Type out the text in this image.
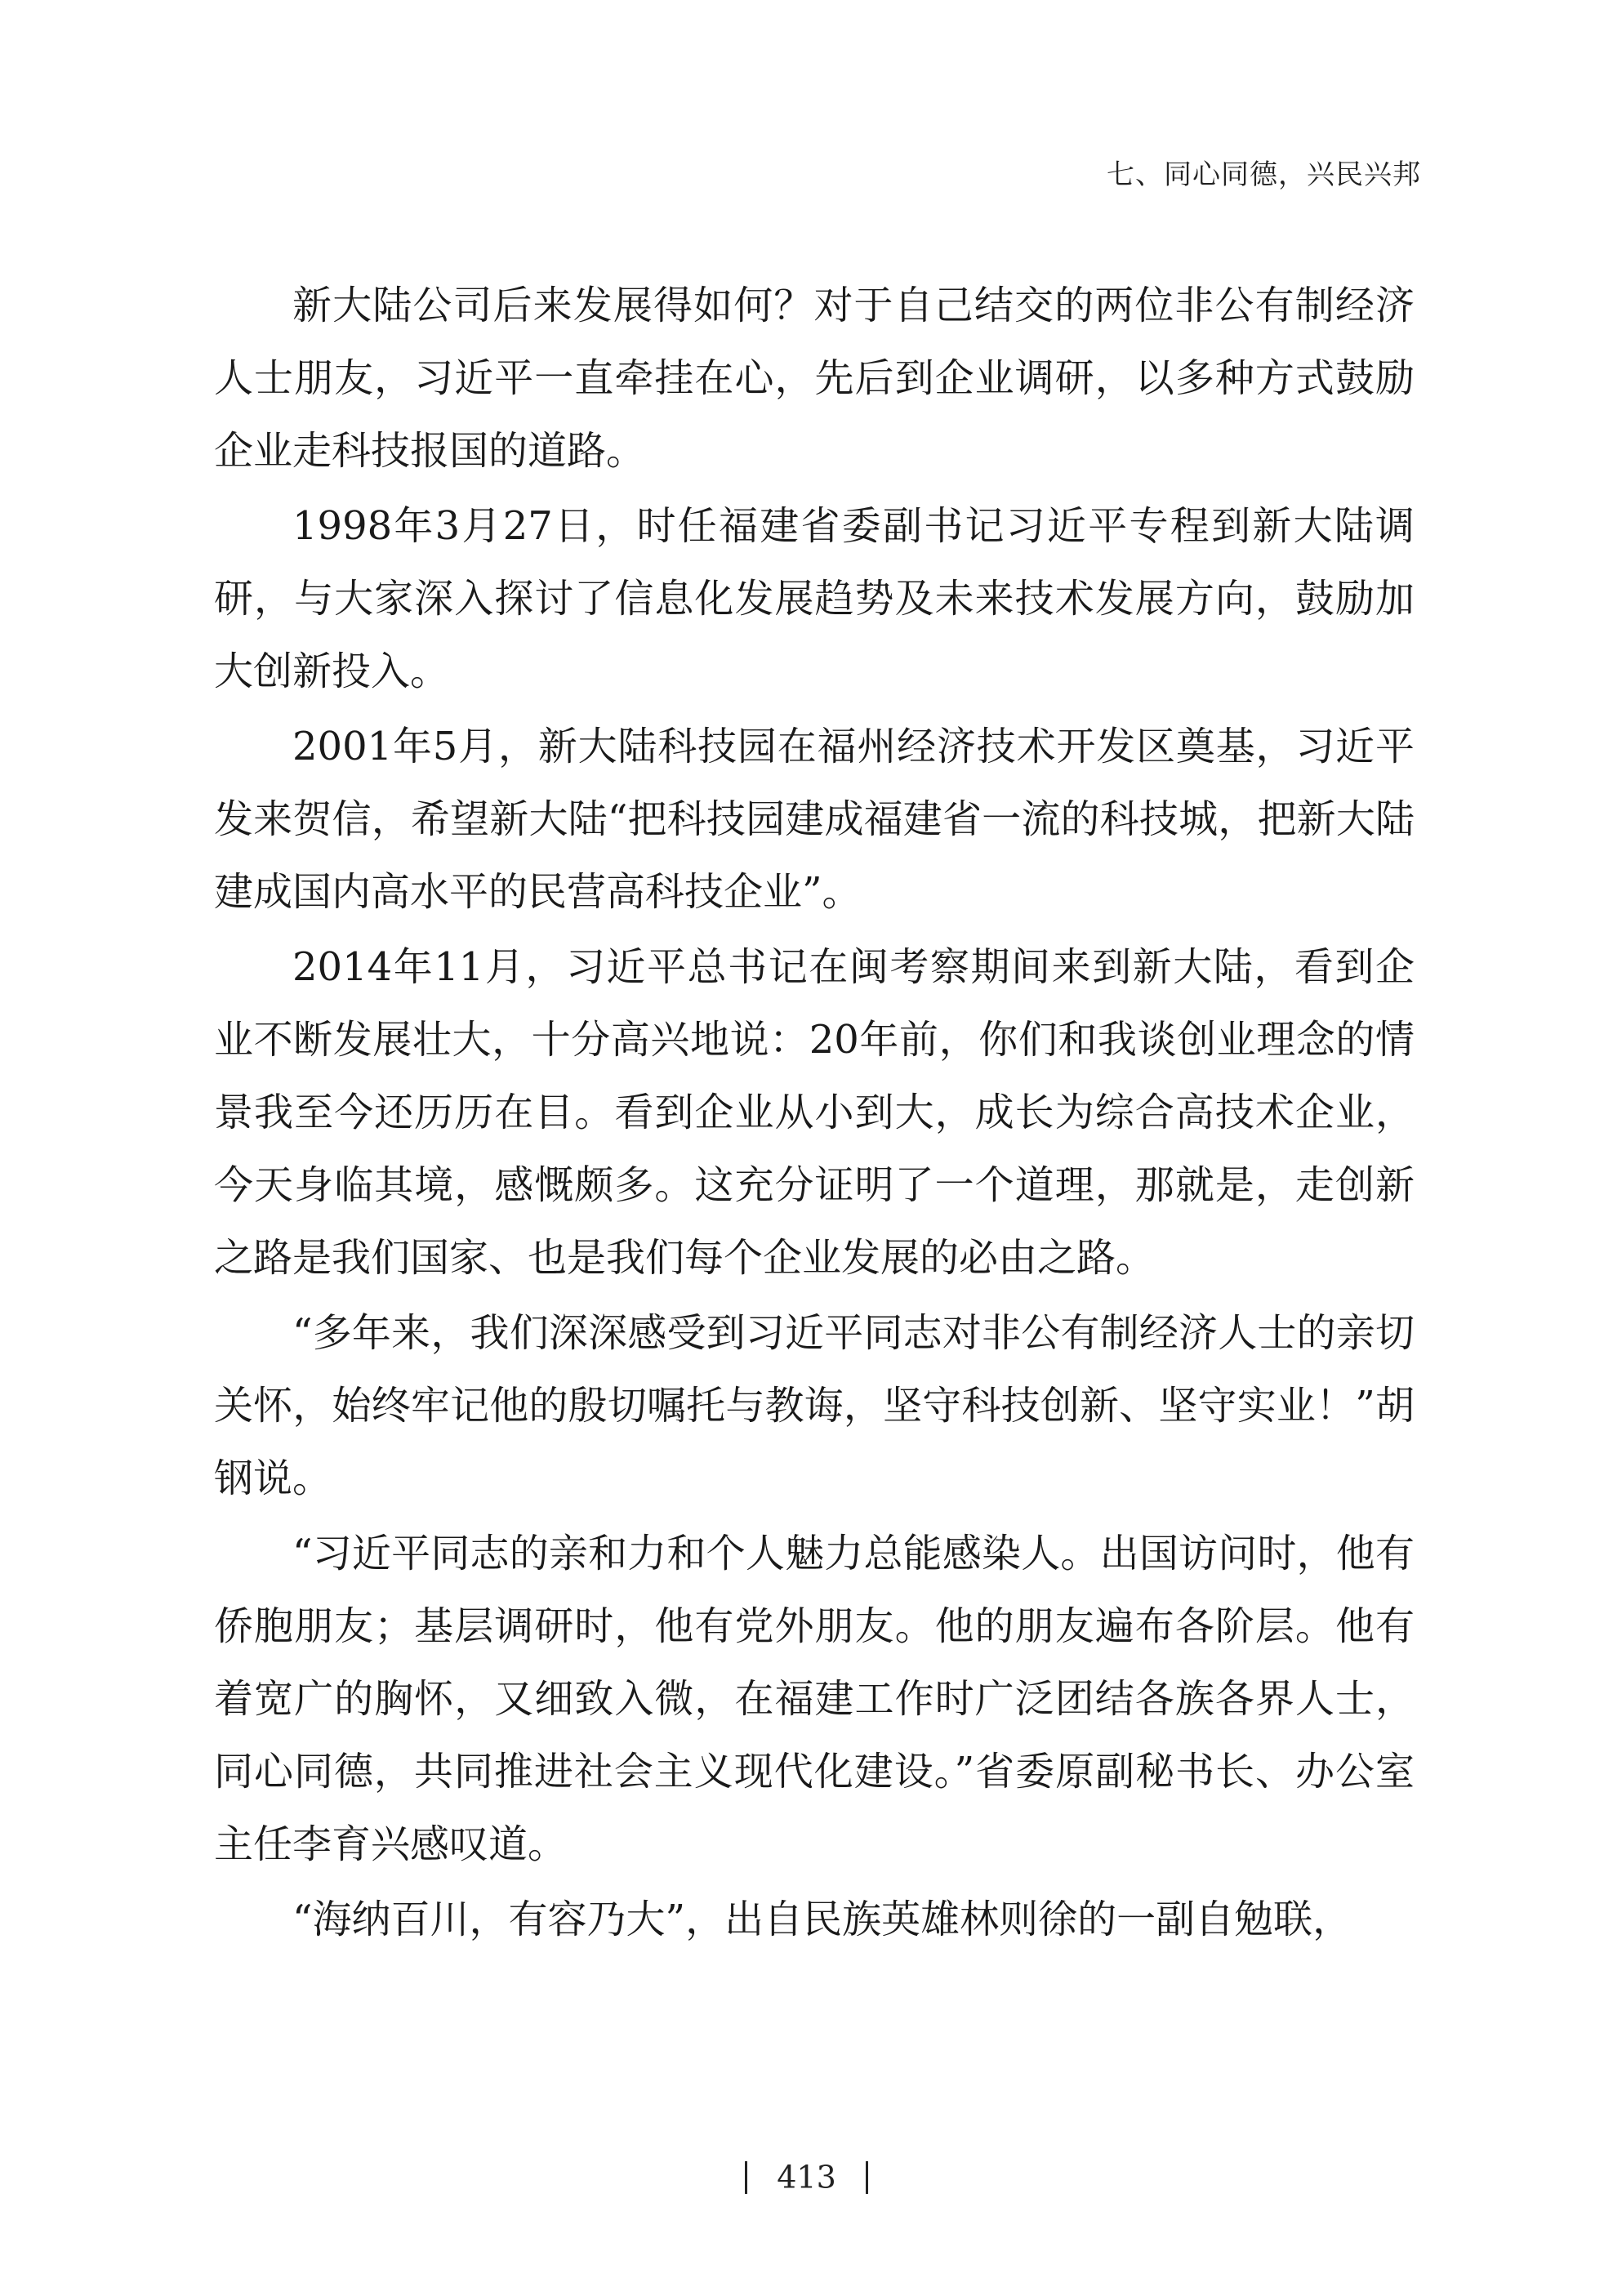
七、同心同德，兴民兴邦

新大陆公司后来发展得如何？对于自己结交的两位非公有制经济人士朋友，习近平一直牵挂在心，先后到企业调研，以多种方式鼓励企业走科技报国的道路。

1998年3月27日，时任福建省委副书记习近平专程到新大陆调研，与大家深入探讨了信息化发展趋势及未来技术发展方向，鼓励加大创新投入。

2001年5月，新大陆科技园在福州经济技术开发区奠基，习近平发来贺信，希望新大陆“把科技园建成福建省一流的科技城，把新大陆建成国内高水平的民营高科技企业”。

2014年11月，习近平总书记在闽考察期间来到新大陆，看到企业不断发展壮大，十分高兴地说：20年前，你们和我谈创业理念的情景我至今还历历在目。看到企业从小到大，成长为综合高技术企业，今天身临其境，感慨颇多。这充分证明了一个道理，那就是，走创新之路是我们国家、也是我们每个企业发展的必由之路。

“多年来，我们深深感受到习近平同志对非公有制经济人士的亲切关怀，始终牢记他的殷切嘱托与教诲，坚守科技创新、坚守实业！”胡钢说。

“习近平同志的亲和力和个人魅力总能感染人。出国访问时，他有侨胞朋友；基层调研时，他有党外朋友。他的朋友遍布各阶层。他有着宽广的胸怀，又细致入微，在福建工作时广泛团结各族各界人士，同心同德，共同推进社会主义现代化建设。”省委原副秘书长、办公室主任李育兴感叹道。

“海纳百川，有容乃大”，出自民族英雄林则徐的一副自勉联，

413
